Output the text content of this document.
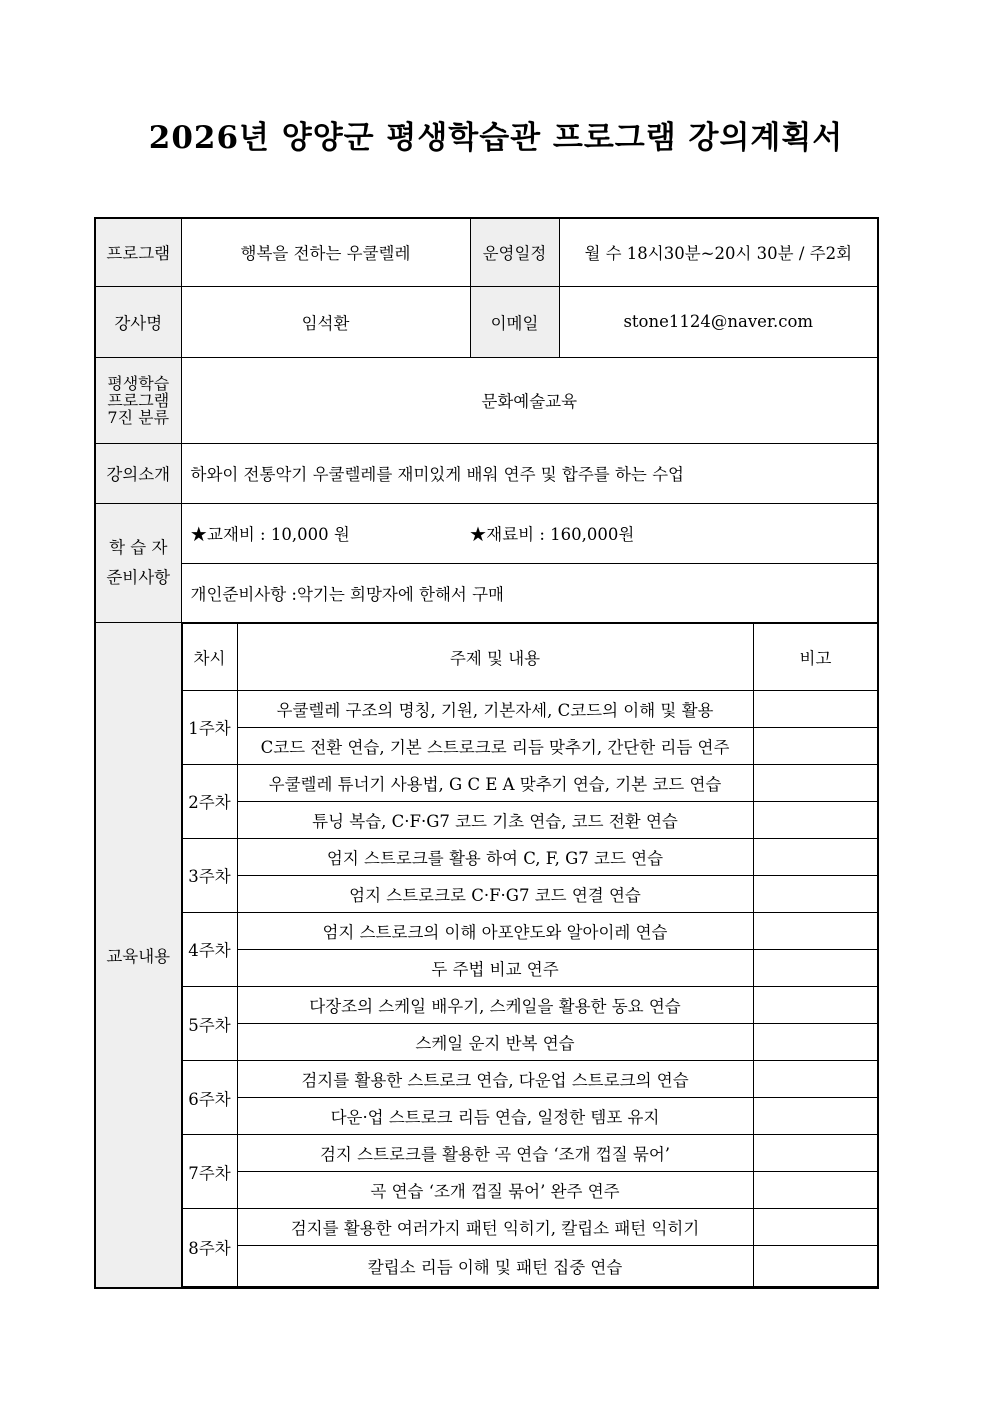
2026년 양양군 평생학습관 프로그램 강의계획서
프로그램	행복을 전하는 우쿨렐레	운영일정	월 수 18시30분~20시 30분 / 주2회
강사명	임석환	이메일	stone1124@naver.com

평생학습
프로그램
7진 분류
	문화예술교육
강의소개	하와이 전통악기 우쿨렐레를 재미있게 배워 연주 및 합주를 하는 수업

학 습 자
준비사항
	★교재비 : 10,000 원	★재료비 : 160,000원
개인준비사항 :악기는 희망자에 한해서 구매
교육내용	
차시	주제 및 내용	비고
1주차	우쿨렐레 구조의 명칭, 기원, 기본자세, C코드의 이해 및 활용	
C코드 전환 연습, 기본 스트로크로 리듬 맞추기, 간단한 리듬 연주	
2주차	우쿨렐레 튜너기 사용법, G C E A 맞추기 연습, 기본 코드 연습	
튜닝 복습, C·F·G7 코드 기초 연습, 코드 전환 연습	
3주차	엄지 스트로크를 활용 하여 C, F, G7 코드 연습	
엄지 스트로크로 C·F·G7 코드 연결 연습	
4주차	엄지 스트로크의 이해 아포얀도와 알아이레 연습	
두 주법 비교 연주	
5주차	다장조의 스케일 배우기, 스케일을 활용한 동요 연습	
스케일 운지 반복 연습	
6주차	검지를 활용한 스트로크 연습, 다운업 스트로크의 연습	
다운·업 스트로크 리듬 연습, 일정한 템포 유지	
7주차	검지 스트로크를 활용한 곡 연습 ‘조개 껍질 묶어’	
곡 연습 ‘조개 껍질 묶어’ 완주 연주	
8주차	검지를 활용한 여러가지 패턴 익히기, 칼립소 패턴 익히기	
칼립소 리듬 이해 및 패턴 집중 연습	
